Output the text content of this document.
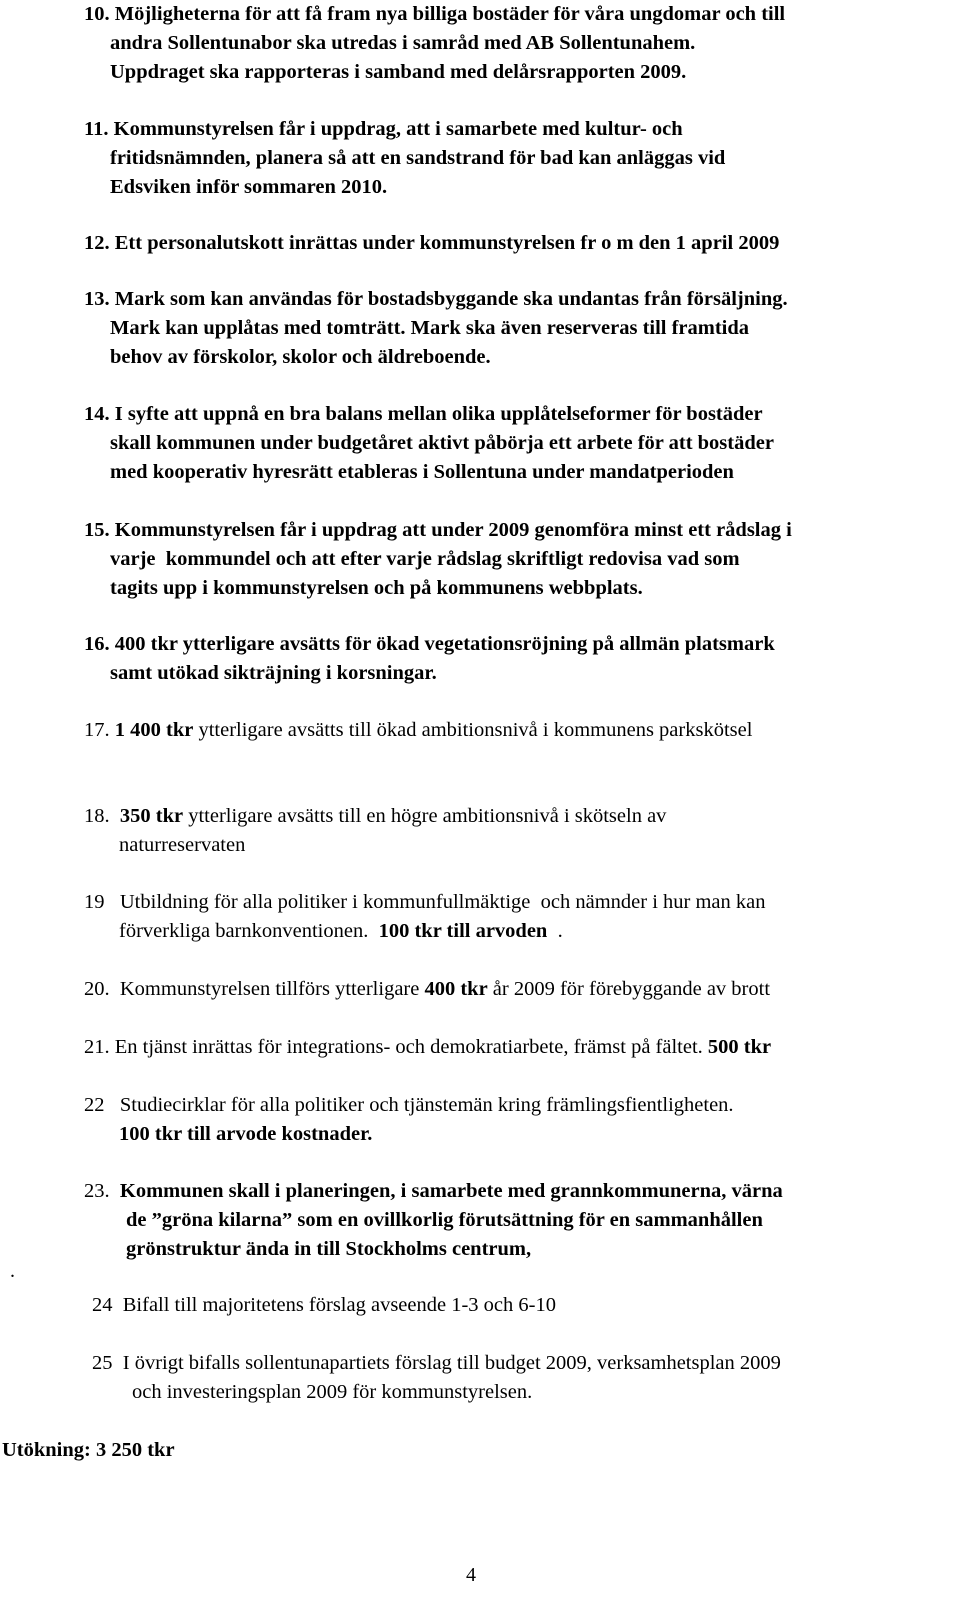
10. Möjligheterna för att få fram nya billiga bostäder för våra ungdomar och till
andra Sollentunabor ska utredas i samråd med AB Sollentunahem.
Uppdraget ska rapporteras i samband med delårsrapporten 2009.
11. Kommunstyrelsen får i uppdrag, att i samarbete med kultur- och
fritidsnämnden, planera så att en sandstrand för bad kan anläggas vid
Edsviken inför sommaren 2010.
12. Ett personalutskott inrättas under kommunstyrelsen fr o m den 1 april 2009
13. Mark som kan användas för bostadsbyggande ska undantas från försäljning.
Mark kan upplåtas med tomträtt. Mark ska även reserveras till framtida
behov av förskolor, skolor och äldreboende.
14. I syfte att uppnå en bra balans mellan olika upplåtelseformer för bostäder
skall kommunen under budgetåret aktivt påbörja ett arbete för att bostäder
med kooperativ hyresrätt etableras i Sollentuna under mandatperioden
15. Kommunstyrelsen får i uppdrag att under 2009 genomföra minst ett rådslag i
varje  kommundel och att efter varje rådslag skriftligt redovisa vad som
tagits upp i kommunstyrelsen och på kommunens webbplats.
16. 400 tkr ytterligare avsätts för ökad vegetationsröjning på allmän platsmark
samt utökad sikträjning i korsningar.
17. 1 400 tkr ytterligare avsätts till ökad ambitionsnivå i kommunens parkskötsel
18.  350 tkr ytterligare avsätts till en högre ambitionsnivå i skötseln av
naturreservaten
19   Utbildning för alla politiker i kommunfullmäktige  och nämnder i hur man kan
förverkliga barnkonventionen.  100 tkr till arvoden  .
20.  Kommunstyrelsen tillförs ytterligare 400 tkr år 2009 för förebyggande av brott
21. En tjänst inrättas för integrations- och demokratiarbete, främst på fältet. 500 tkr
22   Studiecirklar för alla politiker och tjänstemän kring främlingsfientligheten.
100 tkr till arvode kostnader.
23.  Kommunen skall i planeringen, i samarbete med grannkommunerna, värna
de ”gröna kilarna” som en ovillkorlig förutsättning för en sammanhållen
grönstruktur ända in till Stockholms centrum,
24  Bifall till majoritetens förslag avseende 1-3 och 6-10
25  I övrigt bifalls sollentunapartiets förslag till budget 2009, verksamhetsplan 2009
och investeringsplan 2009 för kommunstyrelsen.
.
Utökning: 3 250 tkr
4
